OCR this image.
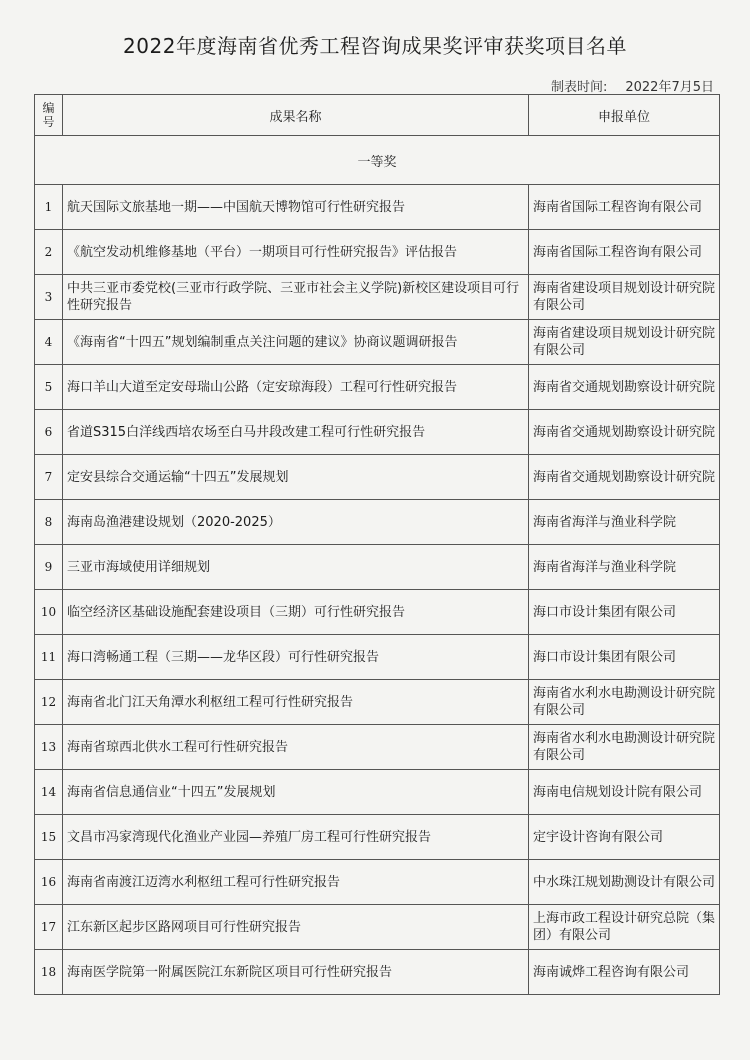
2022年度海南省优秀工程咨询成果奖评审获奖项目名单
制表时间: 2022年7月5日
编
号	成果名称	申报单位
一等奖		
1	航天国际文旅基地一期——中国航天博物馆可行性研究报告	海南省国际工程咨询有限公司
2	《航空发动机维修基地（平台）一期项目可行性研究报告》评估报告	海南省国际工程咨询有限公司
3	中共三亚市委党校(三亚市行政学院、三亚市社会主义学院)新校区建设项目可行性研究报告	海南省建设项目规划设计研究院有限公司
4	《海南省“十四五”规划编制重点关注问题的建议》协商议题调研报告	海南省建设项目规划设计研究院有限公司
5	海口羊山大道至定安母瑞山公路（定安琼海段）工程可行性研究报告	海南省交通规划勘察设计研究院
6	省道S315白洋线西培农场至白马井段改建工程可行性研究报告	海南省交通规划勘察设计研究院
7	定安县综合交通运输“十四五”发展规划	海南省交通规划勘察设计研究院
8	海南岛渔港建设规划（2020-2025）	海南省海洋与渔业科学院
9	三亚市海域使用详细规划	海南省海洋与渔业科学院
10	临空经济区基础设施配套建设项目（三期）可行性研究报告	海口市设计集团有限公司
11	海口湾畅通工程（三期——龙华区段）可行性研究报告	海口市设计集团有限公司
12	海南省北门江天角潭水利枢纽工程可行性研究报告	海南省水利水电勘测设计研究院有限公司
13	海南省琼西北供水工程可行性研究报告	海南省水利水电勘测设计研究院有限公司
14	海南省信息通信业“十四五”发展规划	海南电信规划设计院有限公司
15	文昌市冯家湾现代化渔业产业园—养殖厂房工程可行性研究报告	定宇设计咨询有限公司
16	海南省南渡江迈湾水利枢纽工程可行性研究报告	中水珠江规划勘测设计有限公司
17	江东新区起步区路网项目可行性研究报告	上海市政工程设计研究总院（集团）有限公司
18	海南医学院第一附属医院江东新院区项目可行性研究报告	海南诚烨工程咨询有限公司
